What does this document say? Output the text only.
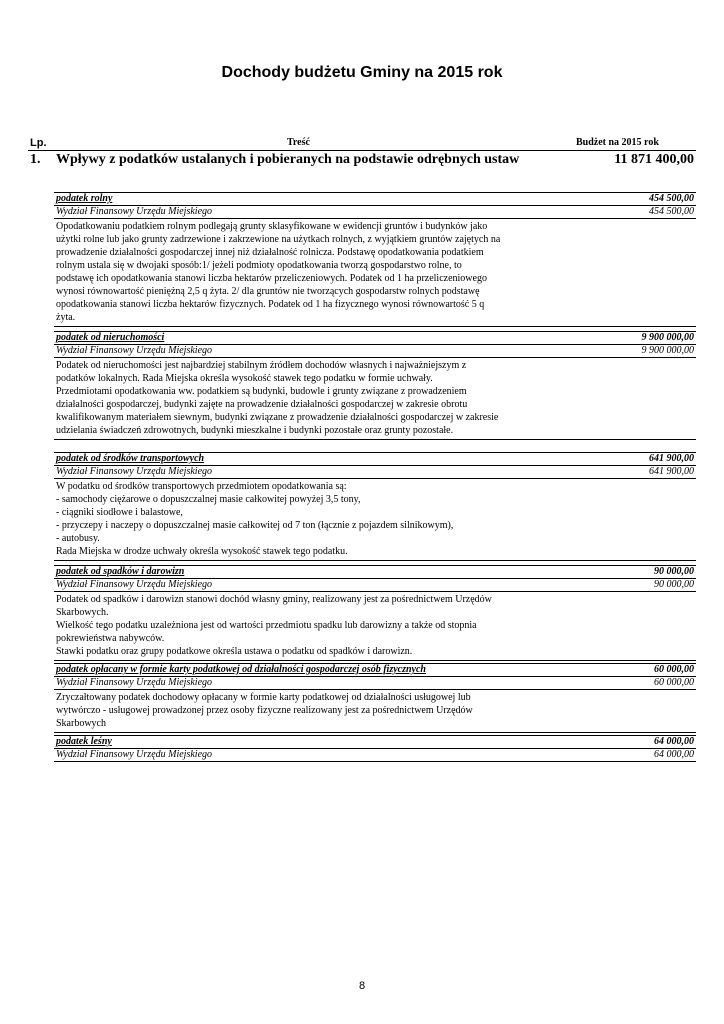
Dochody budżetu Gminy na 2015 rok
Lp.	Treść	Budżet na 2015 rok
1. Wpływy z podatków ustalanych i pobieranych na podstawie odrębnych ustaw	11 871 400,00
podatek rolny	454 500,00
Wydział Finansowy Urzędu Miejskiego	454 500,00
Opodatkowaniu podatkiem rolnym podlegają grunty sklasyfikowane w ewidencji gruntów i budynków jako
użytki rolne lub jako grunty zadrzewione i zakrzewione na użytkach rolnych, z wyjątkiem gruntów zajętych na
prowadzenie działalności gospodarczej innej niż działalność rolnicza. Podstawę opodatkowania podatkiem
rolnym ustala się w dwojaki sposób:1/ jeżeli podmioty opodatkowania tworzą gospodarstwo rolne, to
podstawę ich opodatkowania stanowi liczba hektarów przeliczeniowych. Podatek od 1 ha przeliczeniowego
wynosi równowartość pieniężną 2,5 q żyta. 2/ dla gruntów nie tworzących gospodarstw rolnych podstawę
opodatkowania stanowi liczba hektarów fizycznych. Podatek od 1 ha fizycznego wynosi równowartość 5 q
żyta.
podatek od nieruchomości	9 900 000,00
Wydział Finansowy Urzędu Miejskiego	9 900 000,00
Podatek od nieruchomości jest najbardziej stabilnym źródłem dochodów własnych i najważniejszym z
podatków lokalnych. Rada Miejska określa wysokość stawek tego podatku w formie uchwały.
Przedmiotami opodatkowania ww. podatkiem są budynki, budowle i grunty związane z prowadzeniem
działalności gospodarczej, budynki zajęte na prowadzenie działalności gospodarczej w zakresie obrotu
kwalifikowanym materiałem siewnym, budynki związane z prowadzenie działalności gospodarczej w zakresie
udzielania świadczeń zdrowotnych, budynki mieszkalne i budynki pozostałe oraz grunty pozostałe.
podatek od środków transportowych	641 900,00
Wydział Finansowy Urzędu Miejskiego	641 900,00
W podatku od środków transportowych przedmiotem opodatkowania są:
- samochody ciężarowe o dopuszczalnej masie całkowitej powyżej 3,5 tony,
- ciągniki siodłowe i balastowe,
- przyczepy i naczepy o dopuszczalnej masie całkowitej od 7 ton (łącznie z pojazdem silnikowym),
- autobusy.
Rada Miejska w drodze uchwały określa wysokość stawek tego podatku.
podatek od spadków i darowizn	90 000,00
Wydział Finansowy Urzędu Miejskiego	90 000,00
Podatek od spadków i darowizn stanowi dochód własny gminy, realizowany jest za pośrednictwem Urzędów
Skarbowych.
Wielkość tego podatku uzależniona jest od wartości przedmiotu spadku lub darowizny a także od stopnia
pokrewieństwa nabywców.
Stawki podatku oraz grupy podatkowe określa ustawa o podatku od spadków i darowizn.
podatek opłacany w formie karty podatkowej od działalności gospodarczej osób fizycznych	60 000,00
Wydział Finansowy Urzędu Miejskiego	60 000,00
Zryczałtowany podatek dochodowy opłacany w formie karty podatkowej od działalności usługowej lub
wytwórczo - usługowej prowadzonej przez osoby fizyczne realizowany jest za pośrednictwem Urzędów
Skarbowych
podatek leśny	64 000,00
Wydział Finansowy Urzędu Miejskiego	64 000,00
8
